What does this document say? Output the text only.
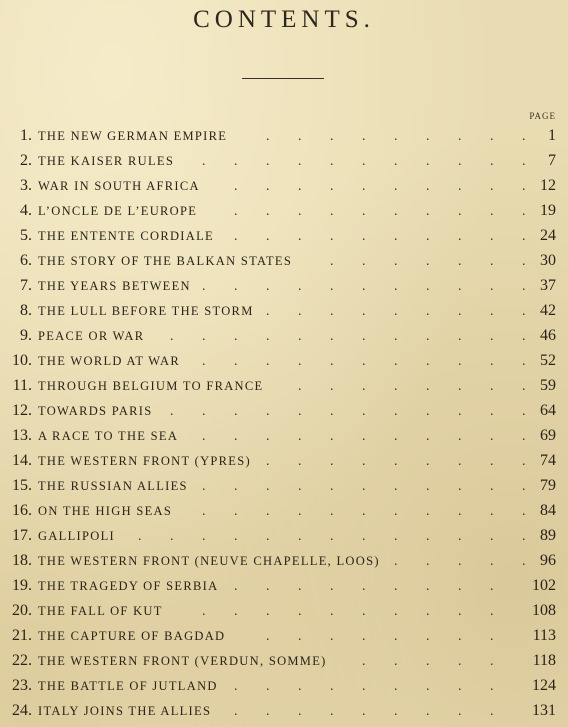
CONTENTS.
PAGE
1. THE NEW GERMAN EMPIRE	. . . . . . . . . 1
2. THE KAISER RULES . . . . . . . . . . . 7
3. WAR IN SOUTH AFRICA . . . . . . . . . . 12
4. L’ONCLE DE L’EUROPE	. . . . . . . . . . 19
5. THE ENTENTE CORDIALE . . . . . . . . . . 24
6. THE STORY OF THE BALKAN STATES	. . . . . . . 30
7. THE YEARS BETWEEN . . . . . . . . . . . 37
8. THE LULL BEFORE THE STORM . . . . . . . . . 42
9. PEACE OR WAR . . . . . . . . . . . . 46
10. THE WORLD AT WAR . . . . . . . . . . . 52
11. THROUGH BELGIUM TO FRANCE . . . . . . . . 59
12. TOWARDS PARIS . . . . . . . . . . . . 64
13. A RACE TO THE SEA . . . . . . . . . . . 69
14. THE WESTERN FRONT (YPRES) . . . . . . . . . 74
15. THE RUSSIAN ALLIES . . . . . . . . . . . 79
16. ON THE HIGH SEAS . . . . . . . . . . . 84
17. GALLIPOLI . . . . . . . . . . . . . 89
18. THE WESTERN FRONT (NEUVE CHAPELLE, LOOS) . . . . . 96
19. THE TRAGEDY OF SERBIA . . . . . . . . . 102
20. THE FALL OF KUT	. . . . . . . . . . 108
21. THE CAPTURE OF BAGDAD	. . . . . . . . 113
22. THE WESTERN FRONT (VERDUN, SOMME)	. . . . . 118
23. THE BATTLE OF JUTLAND . . . . . . . . . 124
24. ITALY JOINS THE ALLIES . . . . . . . . . 131
